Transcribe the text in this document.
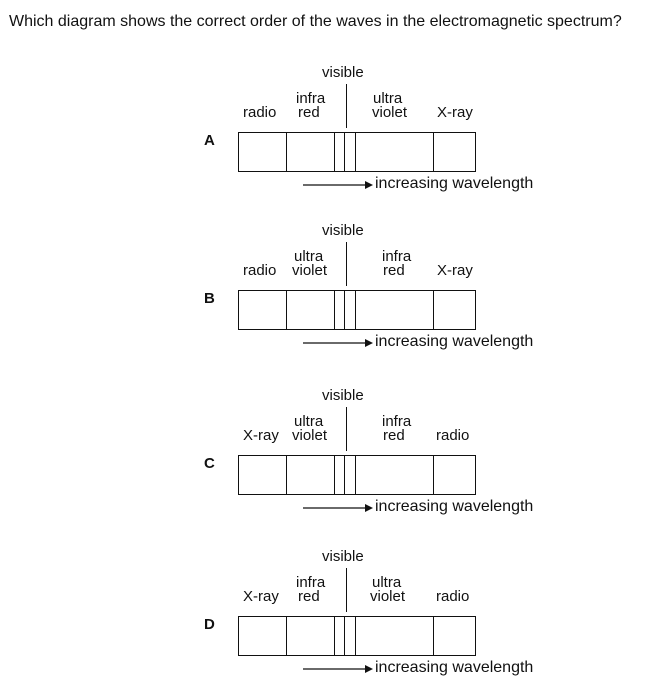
Which diagram shows the correct order of the waves in the electromagnetic spectrum?
visible
infra
radio red
ultra
violet X-ray
A
increasing wavelength
visible
ultra
radio violet
infra
red X-ray
B
increasing wavelength
visible
ultra
X-ray violet
infra
red radio
C
increasing wavelength
visible
infra
X-ray red
ultra
violet radio
D
increasing wavelength
